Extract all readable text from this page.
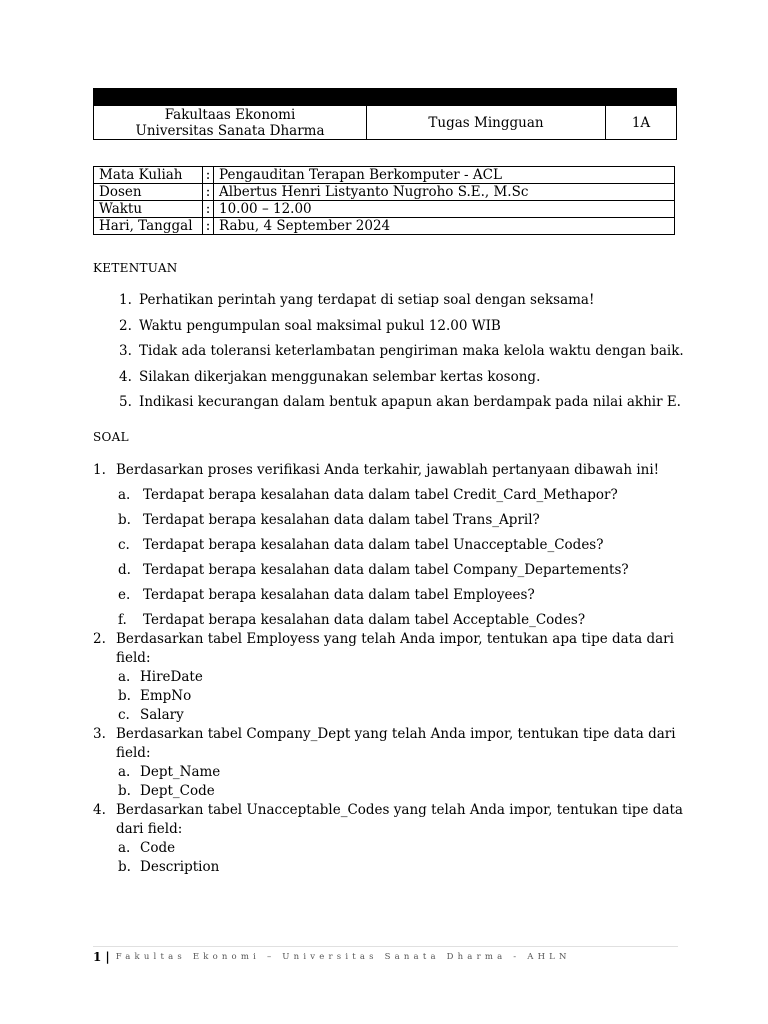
Fakultaas Ekonomi
Universitas Sanata Dharma	Tugas Mingguan	1A
Mata Kuliah	:	Pengauditan Terapan Berkomputer - ACL
Dosen	:	Albertus Henri Listyanto Nugroho S.E., M.Sc
Waktu	:	10.00 – 12.00
Hari, Tanggal	:	Rabu, 4 September 2024
KETENTUAN
1. Perhatikan perintah yang terdapat di setiap soal dengan seksama!
2. Waktu pengumpulan soal maksimal pukul 12.00 WIB
3. Tidak ada toleransi keterlambatan pengiriman maka kelola waktu dengan baik.
4. Silakan dikerjakan menggunakan selembar kertas kosong.
5. Indikasi kecurangan dalam bentuk apapun akan berdampak pada nilai akhir E.
SOAL
1. Berdasarkan proses verifikasi Anda terkahir, jawablah pertanyaan dibawah ini!
a. Terdapat berapa kesalahan data dalam tabel Credit_Card_Methapor?
b. Terdapat berapa kesalahan data dalam tabel Trans_April?
c. Terdapat berapa kesalahan data dalam tabel Unacceptable_Codes?
d. Terdapat berapa kesalahan data dalam tabel Company_Departements?
e. Terdapat berapa kesalahan data dalam tabel Employees?
f.	Terdapat berapa kesalahan data dalam tabel Acceptable_Codes?
2. Berdasarkan tabel Employess yang telah Anda impor, tentukan apa tipe data dari field:
a. HireDate
b. EmpNo
c. Salary
3. Berdasarkan tabel Company_Dept yang telah Anda impor, tentukan tipe data dari field:
a. Dept_Name
b. Dept_Code
4. Berdasarkan tabel Unacceptable_Codes yang telah Anda impor, tentukan tipe data dari field:
a. Code
b. Description
1 | Fakultas Ekonomi – Universitas Sanata Dharma - AHLN
